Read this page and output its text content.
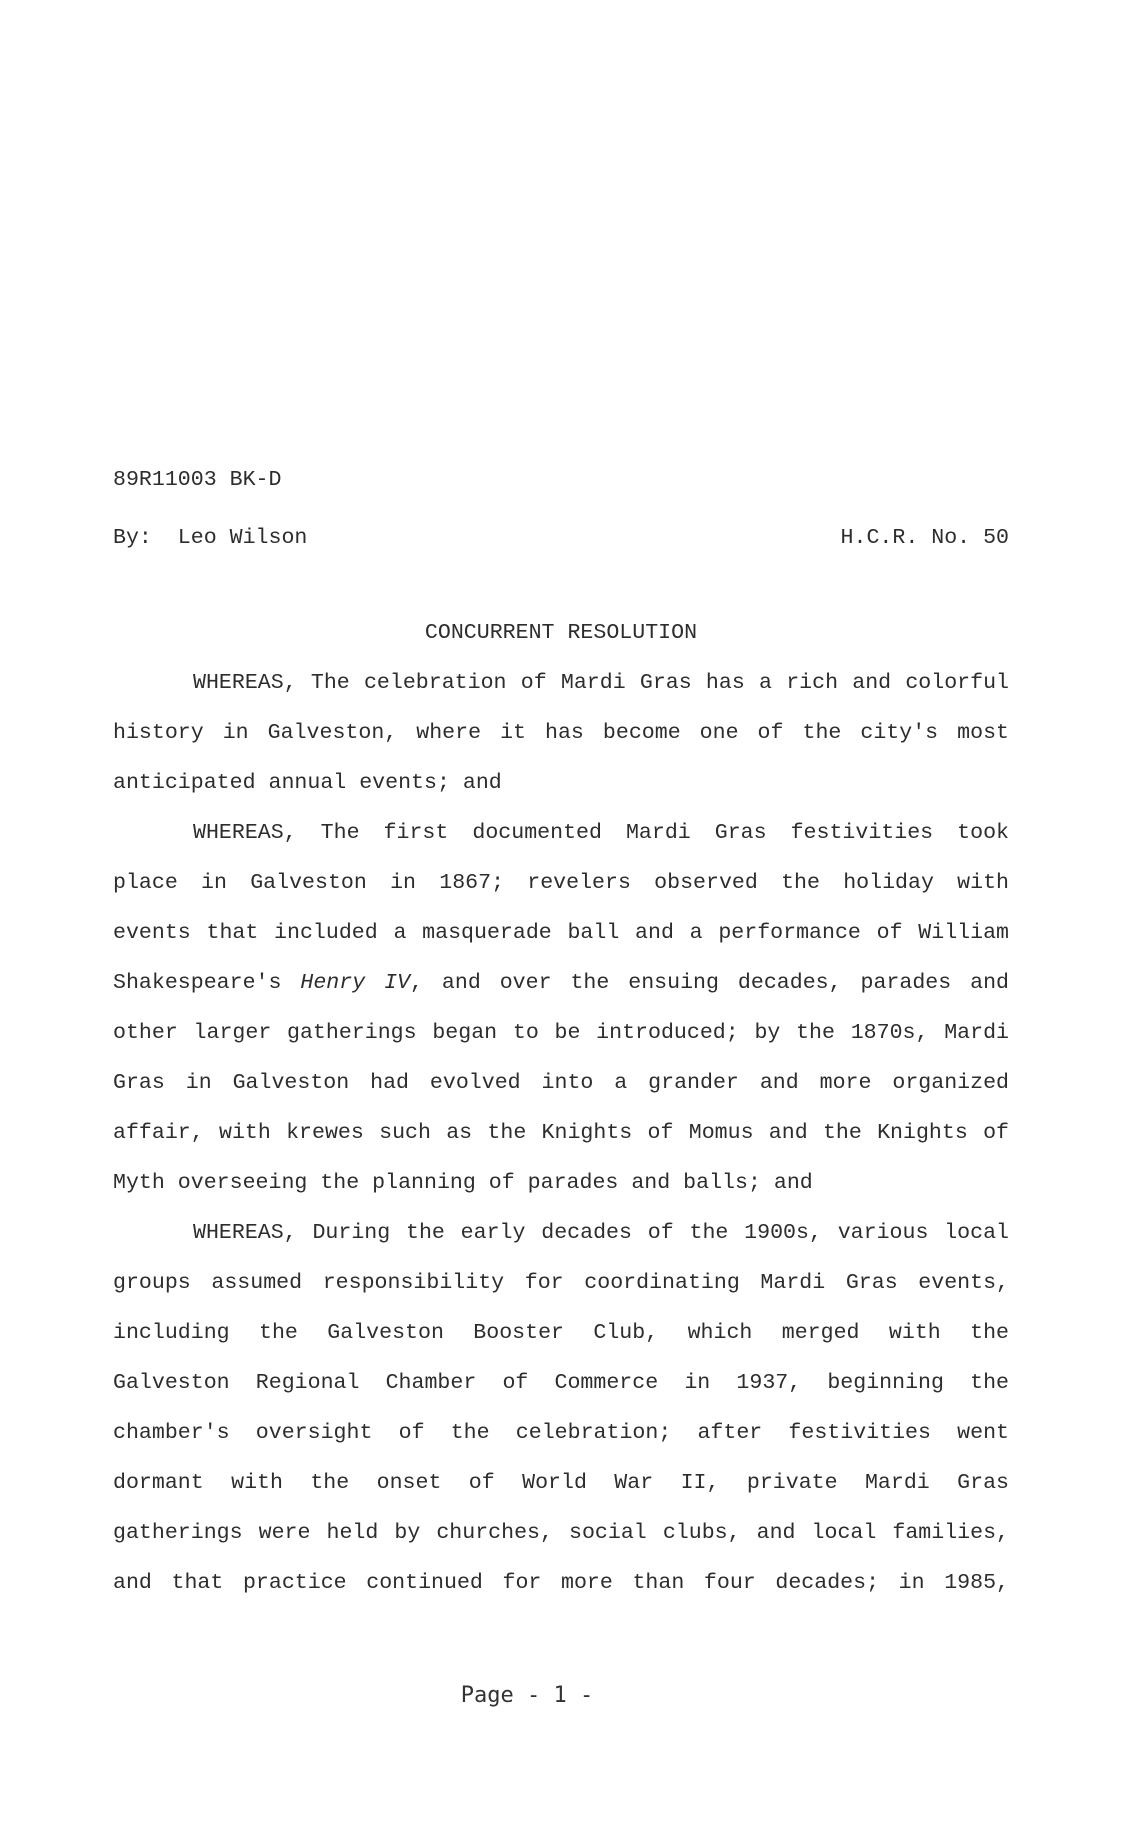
89R11003 BK-D
By:  Leo Wilson	H.C.R. No. 50
CONCURRENT RESOLUTION
WHEREAS, The celebration of Mardi Gras has a rich and colorful
history in Galveston, where it has become one of the city's most
anticipated annual events; and
WHEREAS, The first documented Mardi Gras festivities took
place in Galveston in 1867; revelers observed the holiday with
events that included a masquerade ball and a performance of William
Shakespeare's Henry IV, and over the ensuing decades, parades and
other larger gatherings began to be introduced; by the 1870s, Mardi
Gras in Galveston had evolved into a grander and more organized
affair, with krewes such as the Knights of Momus and the Knights of
Myth overseeing the planning of parades and balls; and
WHEREAS, During the early decades of the 1900s, various local
groups assumed responsibility for coordinating Mardi Gras events,
including the Galveston Booster Club, which merged with the
Galveston Regional Chamber of Commerce in 1937, beginning the
chamber's oversight of the celebration; after festivities went
dormant with the onset of World War II, private Mardi Gras
gatherings were held by churches, social clubs, and local families,
and that practice continued for more than four decades; in 1985,
Page - 1 -
